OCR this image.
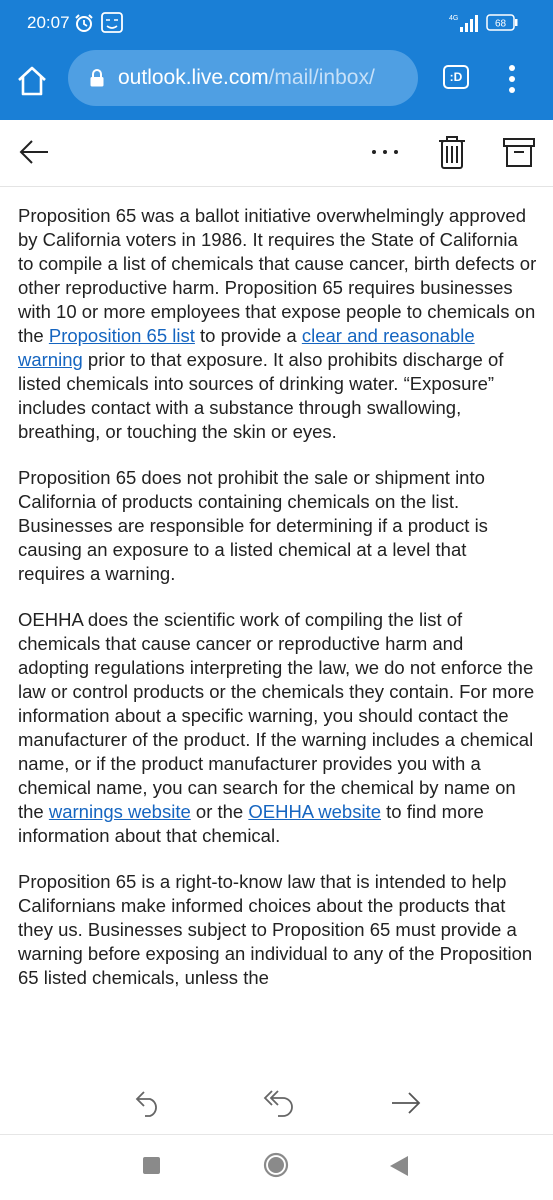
20:07	4G	68
outlook.live.com/mail/inbox/	:D

Proposition 65 was a ballot initiative overwhelmingly approved by California voters in 1986. It requires the State of California to compile a list of chemicals that cause cancer, birth defects or other reproductive harm. Proposition 65 requires businesses with 10 or more employees that expose people to chemicals on the Proposition 65 list to provide a clear and reasonable warning prior to that exposure. It also prohibits discharge of listed chemicals into sources of drinking water. “Exposure” includes contact with a substance through swallowing, breathing, or touching the skin or eyes.

Proposition 65 does not prohibit the sale or shipment into California of products containing chemicals on the list. Businesses are responsible for determining if a product is causing an exposure to a listed chemical at a level that requires a warning.

OEHHA does the scientific work of compiling the list of chemicals that cause cancer or reproductive harm and adopting regulations interpreting the law, we do not enforce the law or control products or the chemicals they contain. For more information about a specific warning, you should contact the manufacturer of the product. If the warning includes a chemical name, or if the product manufacturer provides you with a chemical name, you can search for the chemical by name on the warnings website or the OEHHA website to find more information about that chemical.

Proposition 65 is a right-to-know law that is intended to help Californians make informed choices about the products that they us. Businesses subject to Proposition 65 must provide a warning before exposing an individual to any of the Proposition 65 listed chemicals, unless the
